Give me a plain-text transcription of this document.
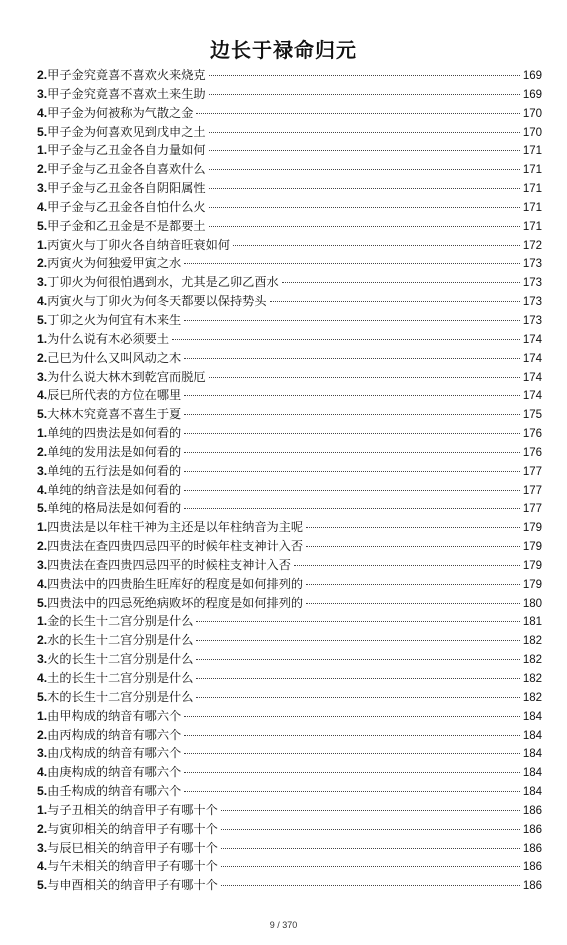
边长于禄命归元
2. 甲子金究竟喜不喜欢火来烧克	169
3. 甲子金究竟喜不喜欢土来生助	169
4. 甲子金为何被称为气散之金	170
5. 甲子金为何喜欢见到戊申之土	170
1. 甲子金与乙丑金各自力量如何	171
2. 甲子金与乙丑金各自喜欢什么	171
3. 甲子金与乙丑金各自阴阳属性	171
4. 甲子金与乙丑金各自怕什么火	171
5. 甲子金和乙丑金是不是都要土	171
1. 丙寅火与丁卯火各自纳音旺衰如何	172
2. 丙寅火为何独爱甲寅之水	173
3. 丁卯火为何很怕遇到水，尤其是乙卯乙酉水	173
4. 丙寅火与丁卯火为何冬天都要以保持势头	173
5. 丁卯之火为何宜有木来生	173
1. 为什么说有木必须要土	174
2. 己巳为什么又叫风动之木	174
3. 为什么说大林木到乾宫而脱厄	174
4. 辰巳所代表的方位在哪里	174
5. 大林木究竟喜不喜生于夏	175
1. 单纯的四贵法是如何看的	176
2. 单纯的发用法是如何看的	176
3. 单纯的五行法是如何看的	177
4. 单纯的纳音法是如何看的	177
5. 单纯的格局法是如何看的	177
1. 四贵法是以年柱干神为主还是以年柱纳音为主呢	179
2. 四贵法在查四贵四忌四平的时候年柱支神计入否	179
3. 四贵法在查四贵四忌四平的时候柱支神计入否	179
4. 四贵法中的四贵胎生旺库好的程度是如何排列的	179
5. 四贵法中的四忌死绝病败坏的程度是如何排列的	180
1. 金的长生十二宫分别是什么	181
2. 水的长生十二宫分别是什么	182
3. 火的长生十二宫分别是什么	182
4. 土的长生十二宫分别是什么	182
5. 木的长生十二宫分别是什么	182
1. 由甲构成的纳音有哪六个	184
2. 由丙构成的纳音有哪六个	184
3. 由戊构成的纳音有哪六个	184
4. 由庚构成的纳音有哪六个	184
5. 由壬构成的纳音有哪六个	184
1. 与子丑相关的纳音甲子有哪十个	186
2. 与寅卯相关的纳音甲子有哪十个	186
3. 与辰巳相关的纳音甲子有哪十个	186
4. 与午未相关的纳音甲子有哪十个	186
5. 与申酉相关的纳音甲子有哪十个	186
9 / 370
